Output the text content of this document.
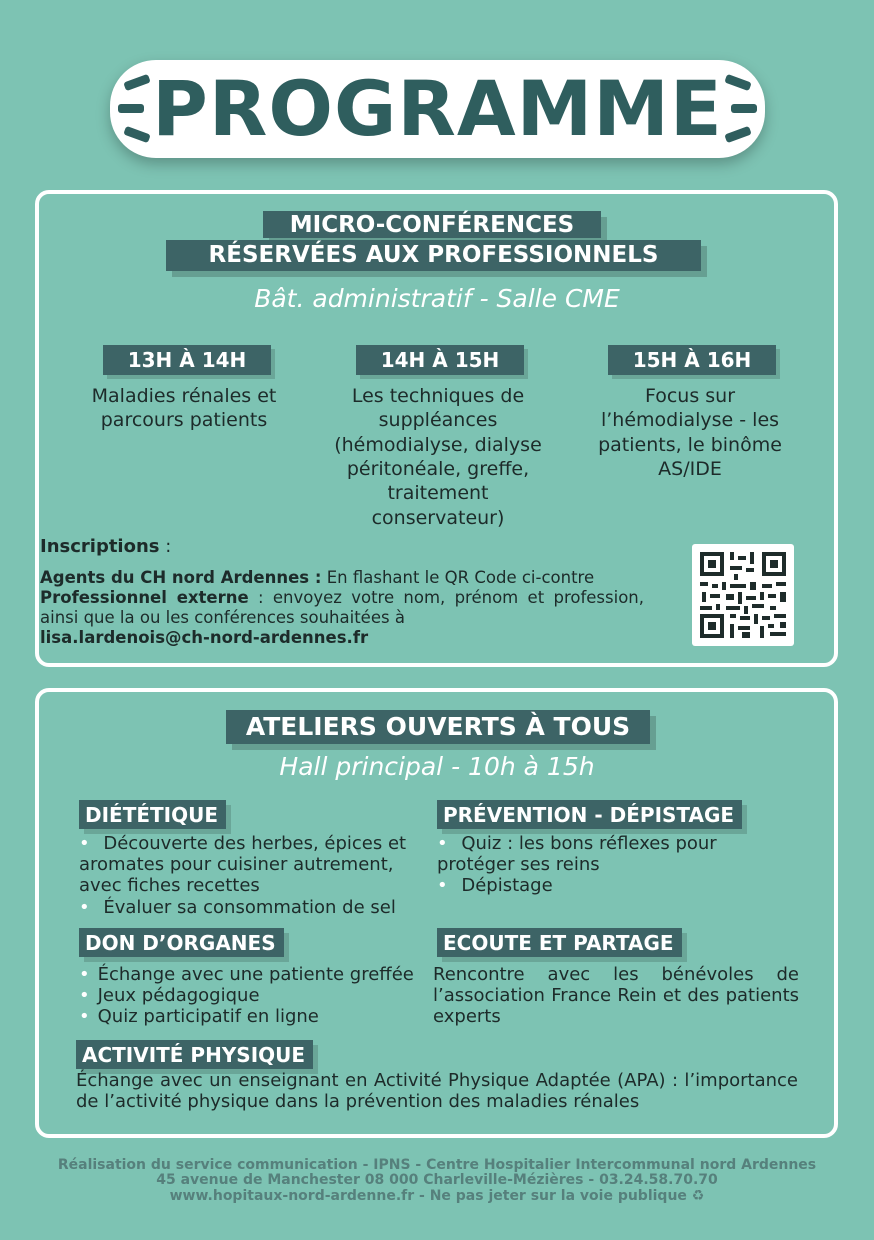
PROGRAMME
MICRO-CONFÉRENCES
RÉSERVÉES AUX PROFESSIONNELS
Bât. administratif - Salle CME
13H À 14H	14H À 15H	15H À 16H
Maladies rénales et parcours patients
Les techniques de suppléances (hémodialyse, dialyse péritonéale, greffe, traitement conservateur)
Focus sur l’hémodialyse - les patients, le binôme AS/IDE
Inscriptions :
Agents du CH nord Ardennes : En flashant le QR Code ci-contre
Professionnel externe : envoyez votre nom, prénom et profession, ainsi que la ou les conférences souhaitées à
lisa.lardenois@ch-nord-ardennes.fr
ATELIERS OUVERTS À TOUS
Hall principal - 10h à 15h
DIÉTÉTIQUE
• Découverte des herbes, épices et aromates pour cuisiner autrement, avec fiches recettes
• Évaluer sa consommation de sel
PRÉVENTION - DÉPISTAGE
• Quiz : les bons réflexes pour protéger ses reins
• Dépistage
DON D’ORGANES
• Échange avec une patiente greffée
• Jeux pédagogique
• Quiz participatif en ligne
ECOUTE ET PARTAGE
Rencontre avec les bénévoles de l’association France Rein et des patients experts
ACTIVITÉ PHYSIQUE
Échange avec un enseignant en Activité Physique Adaptée (APA) : l’importance de l’activité physique dans la prévention des maladies rénales
Réalisation du service communication - IPNS - Centre Hospitalier Intercommunal nord Ardennes
45 avenue de Manchester 08 000 Charleville-Mézières - 03.24.58.70.70
www.hopitaux-nord-ardenne.fr - Ne pas jeter sur la voie publique ♻
